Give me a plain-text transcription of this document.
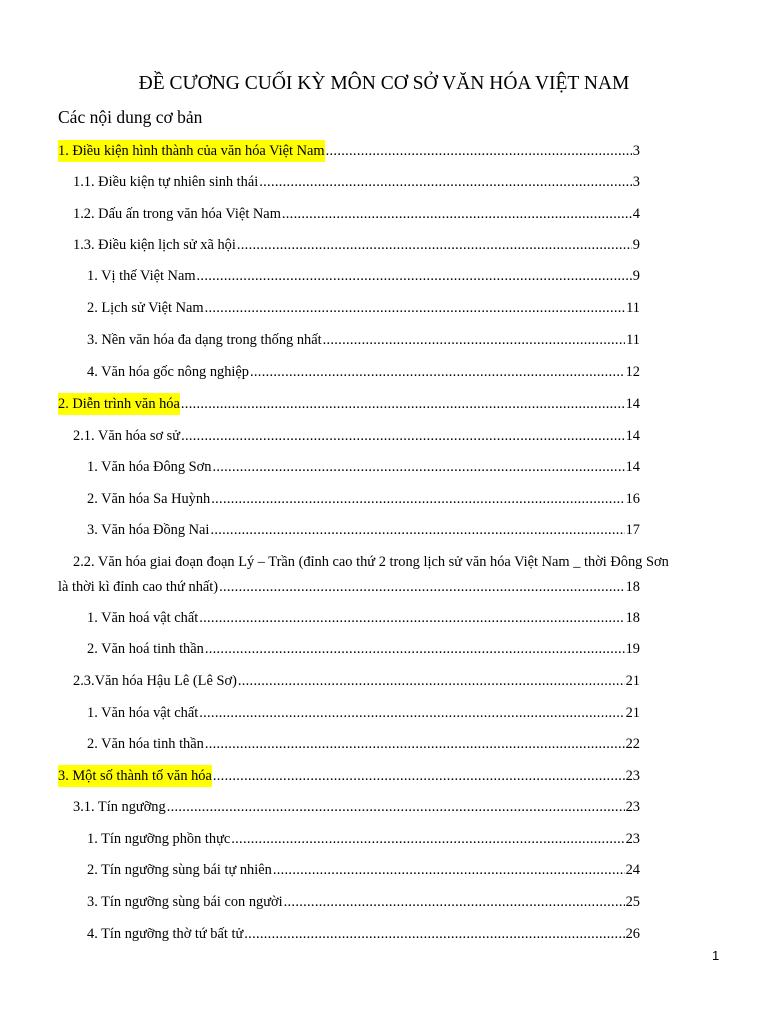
ĐỀ CƯƠNG CUỐI KỲ MÔN CƠ SỞ VĂN HÓA VIỆT NAM
Các nội dung cơ bản
1. Điều kiện hình thành của văn hóa Việt Nam .....	3
1.1. Điều kiện tự nhiên sinh thái .....	3
1.2. Dấu ấn trong văn hóa Việt Nam .....	4
1.3. Điều kiện lịch sử xã hội .....	9
1. Vị thế Việt Nam .....	9
2. Lịch sử Việt Nam .....	11
3. Nền văn hóa đa dạng trong thống nhất .....	11
4. Văn hóa gốc nông nghiệp .....	12
2. Diễn trình văn hóa .....	14
2.1. Văn hóa sơ sử .....	14
1. Văn hóa Đông Sơn .....	14
2. Văn hóa Sa Huỳnh .....	16
3. Văn hóa Đồng Nai .....	17
2.2. Văn hóa giai đoạn đoạn Lý – Trần (đỉnh cao thứ 2 trong lịch sử văn hóa Việt Nam _ thời Đông Sơn
là thời kì đỉnh cao thứ nhất) .....	18
1. Văn hoá vật chất .....	18
2. Văn hoá tinh thần .....	19
2.3.Văn hóa Hậu Lê (Lê Sơ) .....	21
1. Văn hóa vật chất .....	21
2. Văn hóa tinh thần .....	22
3. Một số thành tố văn hóa .....	23
3.1. Tín ngưỡng .....	23
1. Tín ngưỡng phồn thực .....	23
2. Tín ngưỡng sùng bái tự nhiên .....	24
3. Tín ngưỡng sùng bái con người .....	25
4. Tín ngưỡng thờ tứ bất tử .....	26
1
